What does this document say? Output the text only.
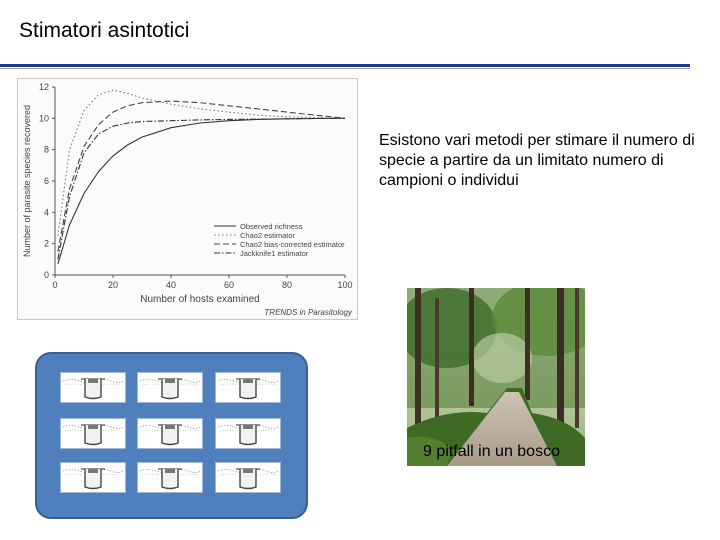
Stimatori asintotici
0
2
4
6
8
10
12
0	20	40	60	80	100
Number of hosts examined
Number of parasite species recovered
TRENDS in Parasitology
Observed richness
Chao2 estimator
Chao2 bias-corrected estimator
Jackknife1 estimator
Esistono vari metodi per stimare il numero di specie a partire da un limitato numero di campioni o individui
9 pitfall in un bosco
